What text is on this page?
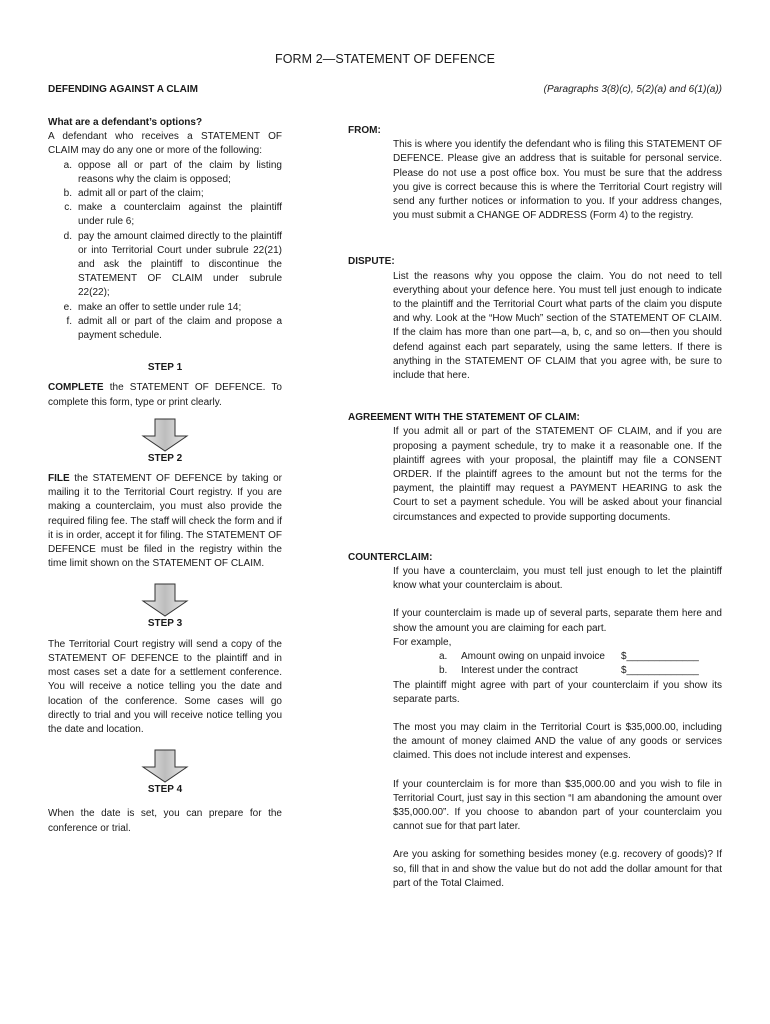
FORM 2—STATEMENT OF DEFENCE
DEFENDING AGAINST A CLAIM	(Paragraphs 3(8)(c), 5(2)(a) and 6(1)(a))
What are a defendant’s options?
A defendant who receives a STATEMENT OF CLAIM may do any one or more of the following:
a. oppose all or part of the claim by listing reasons why the claim is opposed;
b. admit all or part of the claim;
c. make a counterclaim against the plaintiff under rule 6;
d. pay the amount claimed directly to the plaintiff or into Territorial Court under subrule 22(21) and ask the plaintiff to discontinue the STATEMENT OF CLAIM under subrule 22(22);
e. make an offer to settle under rule 14;
f. admit all or part of the claim and propose a payment schedule.
STEP 1
COMPLETE the STATEMENT OF DEFENCE. To complete this form, type or print clearly.
STEP 2
FILE the STATEMENT OF DEFENCE by taking or mailing it to the Territorial Court registry. If you are making a counterclaim, you must also provide the required filing fee. The staff will check the form and if it is in order, accept it for filing. The STATEMENT OF DEFENCE must be filed in the registry within the time limit shown on the STATEMENT OF CLAIM.
STEP 3
The Territorial Court registry will send a copy of the STATEMENT OF DEFENCE to the plaintiff and in most cases set a date for a settlement conference. You will receive a notice telling you the date and location of the conference. Some cases will go directly to trial and you will receive notice telling you the date and location.
STEP 4
When the date is set, you can prepare for the conference or trial.
FROM:

This is where you identify the defendant who is filing this STATEMENT OF DEFENCE. Please give an address that is suitable for personal service. Please do not use a post office box. You must be sure that the address you give is correct because this is where the Territorial Court registry will send any further notices or information to you. If your address changes, you must submit a CHANGE OF ADDRESS (Form 4) to the registry.

DISPUTE:

List the reasons why you oppose the claim. You do not need to tell everything about your defence here. You must tell just enough to indicate to the plaintiff and the Territorial Court what parts of the claim you dispute and why. Look at the “How Much” section of the STATEMENT OF CLAIM. If the claim has more than one part—a, b, c, and so on—then you should defend against each part separately, using the same letters. If there is anything in the STATEMENT OF CLAIM that you agree with, be sure to include that here.

AGREEMENT WITH THE STATEMENT OF CLAIM:

If you admit all or part of the STATEMENT OF CLAIM, and if you are proposing a payment schedule, try to make it a reasonable one. If the plaintiff agrees with your proposal, the plaintiff may file a CONSENT ORDER. If the plaintiff agrees to the amount but not the terms for the payment, the plaintiff may request a PAYMENT HEARING to ask the Court to set a payment schedule. You will be asked about your financial circumstances and expected to provide supporting documents.

COUNTERCLAIM:

If you have a counterclaim, you must tell just enough to let the plaintiff know what your counterclaim is about.

If your counterclaim is made up of several parts, separate them here and show the amount you are claiming for each part.

For example,

a.	Amount owing on unpaid invoice	$_____________
b.	Interest under the contract	$_____________

The plaintiff might agree with part of your counterclaim if you show its separate parts.

The most you may claim in the Territorial Court is $35,000.00, including the amount of money claimed AND the value of any goods or services claimed. This does not include interest and expenses.

If your counterclaim is for more than $35,000.00 and you wish to file in Territorial Court, just say in this section “I am abandoning the amount over $35,000.00”. If you choose to abandon part of your counterclaim you cannot sue for that part later.

Are you asking for something besides money (e.g. recovery of goods)? If so, fill that in and show the value but do not add the dollar amount for that part of the Total Claimed.
